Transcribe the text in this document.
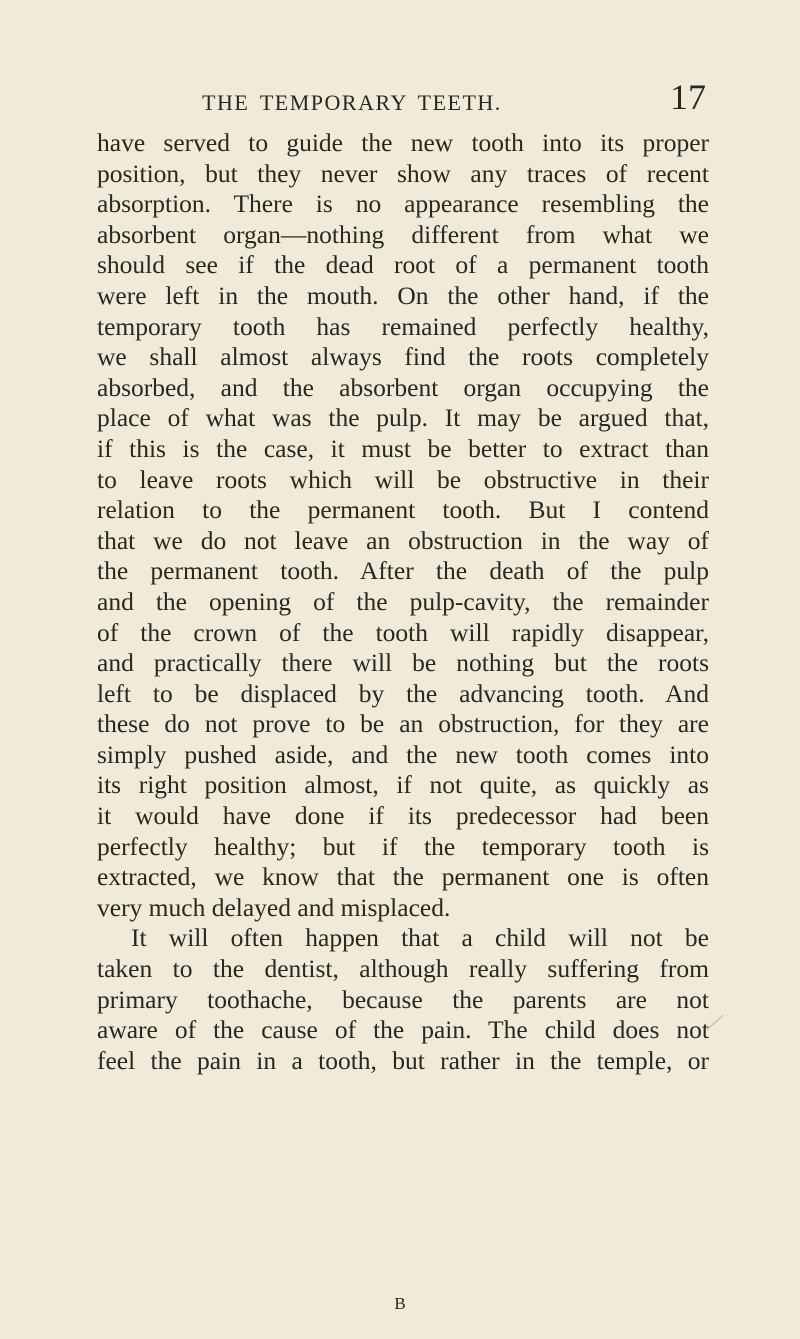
THE TEMPORARY TEETH.	17
have served to guide the new tooth into its proper
position, but they never show any traces of recent
absorption. There is no appearance resembling the
absorbent organ—nothing different from what we
should see if the dead root of a permanent tooth
were left in the mouth. On the other hand, if the
temporary tooth has remained perfectly healthy,
we shall almost always find the roots completely
absorbed, and the absorbent organ occupying the
place of what was the pulp. It may be argued that,
if this is the case, it must be better to extract than
to leave roots which will be obstructive in their
relation to the permanent tooth. But I contend
that we do not leave an obstruction in the way of
the permanent tooth. After the death of the pulp
and the opening of the pulp-cavity, the remainder
of the crown of the tooth will rapidly disappear,
and practically there will be nothing but the roots
left to be displaced by the advancing tooth. And
these do not prove to be an obstruction, for they are
simply pushed aside, and the new tooth comes into
its right position almost, if not quite, as quickly as
it would have done if its predecessor had been
perfectly healthy; but if the temporary tooth is
extracted, we know that the permanent one is often
very much delayed and misplaced.
It will often happen that a child will not be
taken to the dentist, although really suffering from
primary toothache, because the parents are not
aware of the cause of the pain. The child does not
feel the pain in a tooth, but rather in the temple, or
B
